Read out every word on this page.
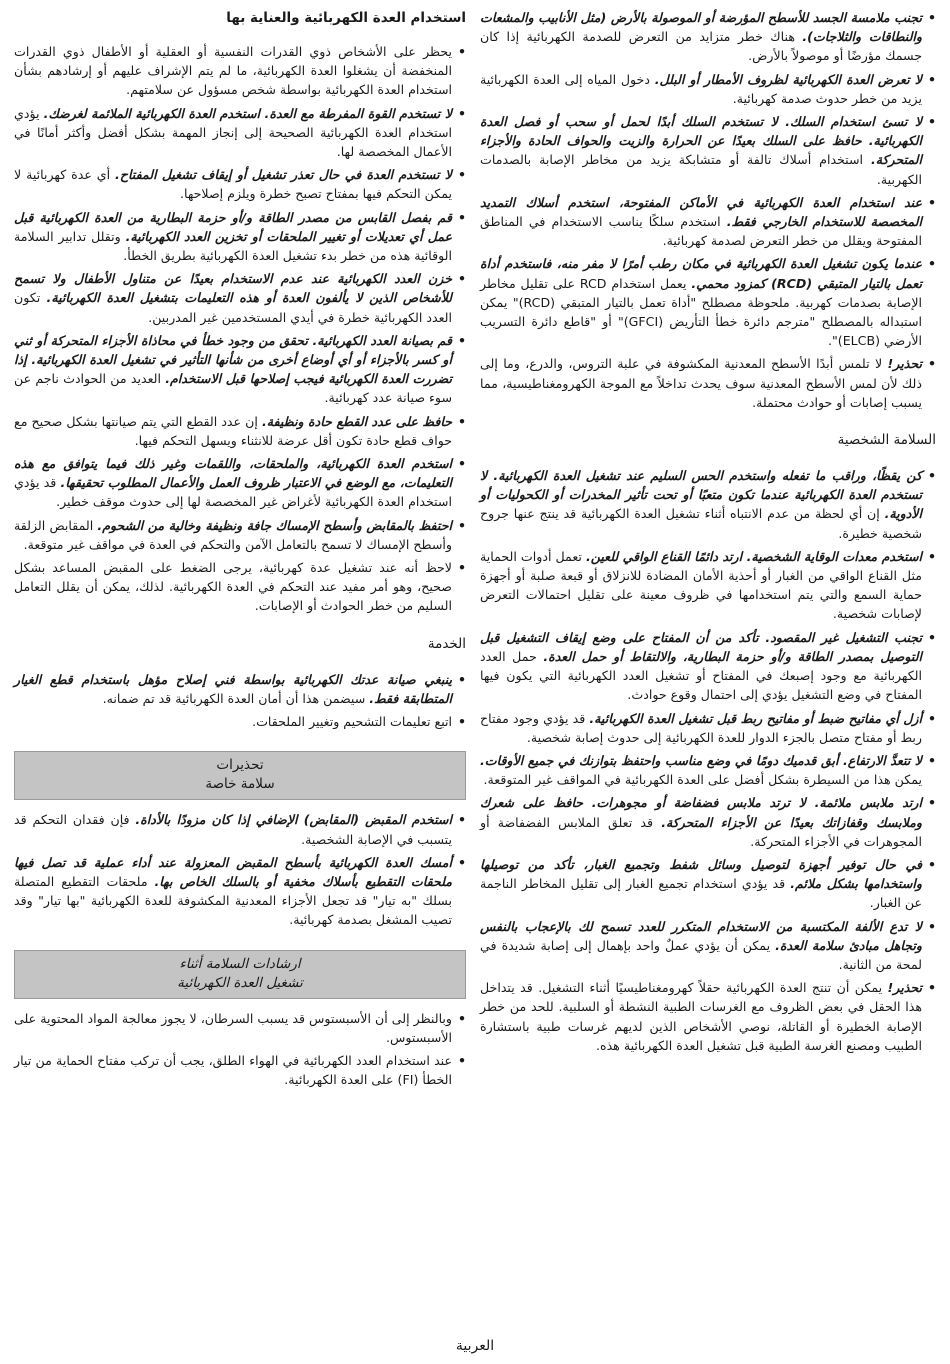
• تجنب ملامسة الجسد للأسطح المؤرضة أو الموصولة بالأرض (مثل الأنابيب والمشعات والنطاقات والثلاجات). هناك خطر متزايد من التعرض للصدمة الكهربائية إذا كان جسمك مؤرضًا أو موصولاً بالأرض.
• لا تعرض العدة الكهربائية لظروف الأمطار أو البلل. دخول المياه إلى العدة الكهربائية يزيد من خطر حدوث صدمة كهربائية.
• لا تسئ استخدام السلك. لا تستخدم السلك أبدًا لحمل أو سحب أو فصل العدة الكهربائية. حافظ على السلك بعيدًا عن الحرارة والزيت والحواف الحادة والأجزاء المتحركة. استخدام أسلاك تالفة أو متشابكة يزيد من مخاطر الإصابة بالصدمات الكهربية.
• عند استخدام العدة الكهربائية في الأماكن المفتوحة، استخدم أسلاك التمديد المخصصة للاستخدام الخارجي فقط. استخدم سلكًا يناسب الاستخدام في المناطق المفتوحة ويقلل من خطر التعرض لصدمة كهربائية.
• عندما يكون تشغيل العدة الكهربائية في مكان رطب أمرًا لا مفر منه، فاستخدم أداة تعمل بالتيار المتبقي (RCD) كمزود محمي. يعمل استخدام RCD على تقليل مخاطر الإصابة بصدمات كهربية. ملحوظة مصطلح "أداة تعمل بالتيار المتبقي (RCD)" يمكن استبداله بالمصطلح "مترجم دائرة خطأ التأريض (GFCI)" أو "قاطع دائرة التسريب الأرضي (ELCB)".
• تحذير! لا تلمس أبدًا الأسطح المعدنية المكشوفة في علبة التروس، والدرع، وما إلى ذلك لأن لمس الأسطح المعدنية سوف يحدث تداخلاً مع الموجة الكهرومغناطيسية، مما يسبب إصابات أو حوادث محتملة.
السلامة الشخصية
• كن يقظًا، وراقب ما تفعله واستخدم الحس السليم عند تشغيل العدة الكهربائية. لا تستخدم العدة الكهربائية عندما تكون متعبًا أو تحت تأثير المخدرات أو الكحوليات أو الأدوية. إن أي لحظة من عدم الانتباه أثناء تشغيل العدة الكهربائية قد ينتج عنها جروح شخصية خطيرة.
• استخدم معدات الوقاية الشخصية. ارتد دائمًا القناع الواقي للعين. تعمل أدوات الحماية مثل القناع الواقي من الغبار أو أحذية الأمان المضادة للانزلاق أو قبعة صلبة أو أجهزة حماية السمع والتي يتم استخدامها في ظروف معينة على تقليل احتمالات التعرض لإصابات شخصية.
• تجنب التشغيل غير المقصود. تأكد من أن المفتاح على وضع إيقاف التشغيل قبل التوصيل بمصدر الطاقة و/أو حزمة البطارية، والالتقاط أو حمل العدة. حمل العدد الكهربائية مع وجود إصبعك في المفتاح أو تشغيل العدد الكهربائية التي يكون فيها المفتاح في وضع التشغيل يؤدي إلى احتمال وقوع حوادث.
• أزل أي مفاتيح ضبط أو مفاتيح ربط قبل تشغيل العدة الكهربائية. قد يؤدي وجود مفتاح ربط أو مفتاح متصل بالجزء الدوار للعدة الكهربائية إلى حدوث إصابة شخصية.
• لا تتعدَّ الارتفاع. أبق قدميك دومًا في وضع مناسب واحتفظ بتوازنك في جميع الأوقات. يمكن هذا من السيطرة بشكل أفضل على العدة الكهربائية في المواقف غير المتوقعة.
• ارتد ملابس ملائمة. لا ترتد ملابس فضفاضة أو مجوهرات. حافظ على شعرك وملابسك وقفازاتك بعيدًا عن الأجزاء المتحركة. قد تعلق الملابس الفضفاضة أو المجوهرات في الأجزاء المتحركة.
• في حال توفير أجهزة لتوصيل وسائل شفط وتجميع الغبار، تأكد من توصيلها واستخدامها بشكل ملائم. قد يؤدي استخدام تجميع الغبار إلى تقليل المخاطر الناجمة عن الغبار.
• لا تدع الألفة المكتسبة من الاستخدام المتكرر للعدد تسمح لك بالإعجاب بالنفس وتجاهل مبادئ سلامة العدة. يمكن أن يؤدي عملٌ واحد بإهمال إلى إصابة شديدة في لمحة من الثانية.
• تحذير! يمكن أن تنتج العدة الكهربائية حقلاً كهرومغناطيسيًا أثناء التشغيل. قد يتداخل هذا الحقل في بعض الظروف مع الغرسات الطبية النشطة أو السلبية. للحد من خطر الإصابة الخطيرة أو القاتلة، نوصي الأشخاص الذين لديهم غرسات طبية باستشارة الطبيب ومصنع الغرسة الطبية قبل تشغيل العدة الكهربائية هذه.
استخدام العدة الكهربائية والعناية بها
• يحظر على الأشخاص ذوي القدرات النفسية أو العقلية أو الأطفال ذوي القدرات المنخفضة أن يشغلوا العدة الكهربائية، ما لم يتم الإشراف عليهم أو إرشادهم بشأن استخدام العدة الكهربائية بواسطة شخص مسؤول عن سلامتهم.
• لا تستخدم القوة المفرطة مع العدة. استخدم العدة الكهربائية الملائمة لغرضك. يؤدي استخدام العدة الكهربائية الصحيحة إلى إنجاز المهمة بشكل أفضل وأكثر أمانًا في الأعمال المخصصة لها.
• لا تستخدم العدة في حال تعذر تشغيل أو إيقاف تشغيل المفتاح. أي عدة كهربائية لا يمكن التحكم فيها بمفتاح تصبح خطرة ويلزم إصلاحها.
• قم بفصل القابس من مصدر الطاقة و/أو حزمة البطارية من العدة الكهربائية قبل عمل أي تعديلات أو تغيير الملحقات أو تخزين العدد الكهربائية. وتقلل تدابير السلامة الوقائية هذه من خطر بدء تشغيل العدة الكهربائية بطريق الخطأ.
• خزن العدد الكهربائية عند عدم الاستخدام بعيدًا عن متناول الأطفال ولا تسمح للأشخاص الذين لا يألفون العدة أو هذه التعليمات بتشغيل العدة الكهربائية. تكون العدد الكهربائية خطرة في أيدي المستخدمين غير المدربين.
• قم بصيانة العدد الكهربائية. تحقق من وجود خطأ في محاذاة الأجزاء المتحركة أو ثني أو كسر بالأجزاء أو أي أوضاع أخرى من شأنها التأثير في تشغيل العدة الكهربائية. إذا تضررت العدة الكهربائية فيجب إصلاحها قبل الاستخدام. العديد من الحوادث ناجم عن سوء صيانة عدد كهربائية.
• حافظ على عدد القطع حادة ونظيفة. إن عدد القطع التي يتم صيانتها بشكل صحيح مع حواف قطع حادة تكون أقل عرضة للانثناء ويسهل التحكم فيها.
• استخدم العدة الكهربائية، والملحقات، واللقمات وغير ذلك فيما يتوافق مع هذه التعليمات، مع الوضع في الاعتبار ظروف العمل والأعمال المطلوب تحقيقها. قد يؤدي استخدام العدة الكهربائية لأغراض غير المخصصة لها إلى حدوث موقف خطير.
• احتفظ بالمقابض وأسطح الإمساك جافة ونظيفة وخالية من الشحوم. المقابض الزلقة وأسطح الإمساك لا تسمح بالتعامل الآمن والتحكم في العدة في مواقف غير متوقعة.
• لاحظ أنه عند تشغيل عدة كهربائية، يرجى الضغط على المقبض المساعد بشكل صحيح، وهو أمر مفيد عند التحكم في العدة الكهربائية. لذلك، يمكن أن يقلل التعامل السليم من خطر الحوادث أو الإصابات.
الخدمة
• ينبغي صيانة عدتك الكهربائية بواسطة فني إصلاح مؤهل باستخدام قطع الغيار المتطابقة فقط. سيضمن هذا أن أمان العدة الكهربائية قد تم ضمانه.
• اتبع تعليمات التشحيم وتغيير الملحقات.
تحذيرات
سلامة خاصة
• استخدم المقبض (المقابض) الإضافي إذا كان مزودًا بالأداة. فإن فقدان التحكم قد يتسبب في الإصابة الشخصية.
• أمسك العدة الكهربائية بأسطح المقبض المعزولة عند أداء عملية قد تصل فيها ملحقات التقطيع بأسلاك مخفية أو بالسلك الخاص بها. ملحقات التقطيع المتصلة بسلك "به تيار" قد تجعل الأجزاء المعدنية المكشوفة للعدة الكهربائية "بها تيار" وقد تصيب المشغل بصدمة كهربائية.
ارشادات السلامة أثناء
تشغيل العدة الكهربائية
• وبالنظر إلى أن الأسبستوس قد يسبب السرطان، لا يجوز معالجة المواد المحتوية على الأسبستوس.
• عند استخدام العدد الكهربائية في الهواء الطلق، يجب أن تركب مفتاح الحماية من تيار الخطأ (FI) على العدة الكهربائية.
العربية
